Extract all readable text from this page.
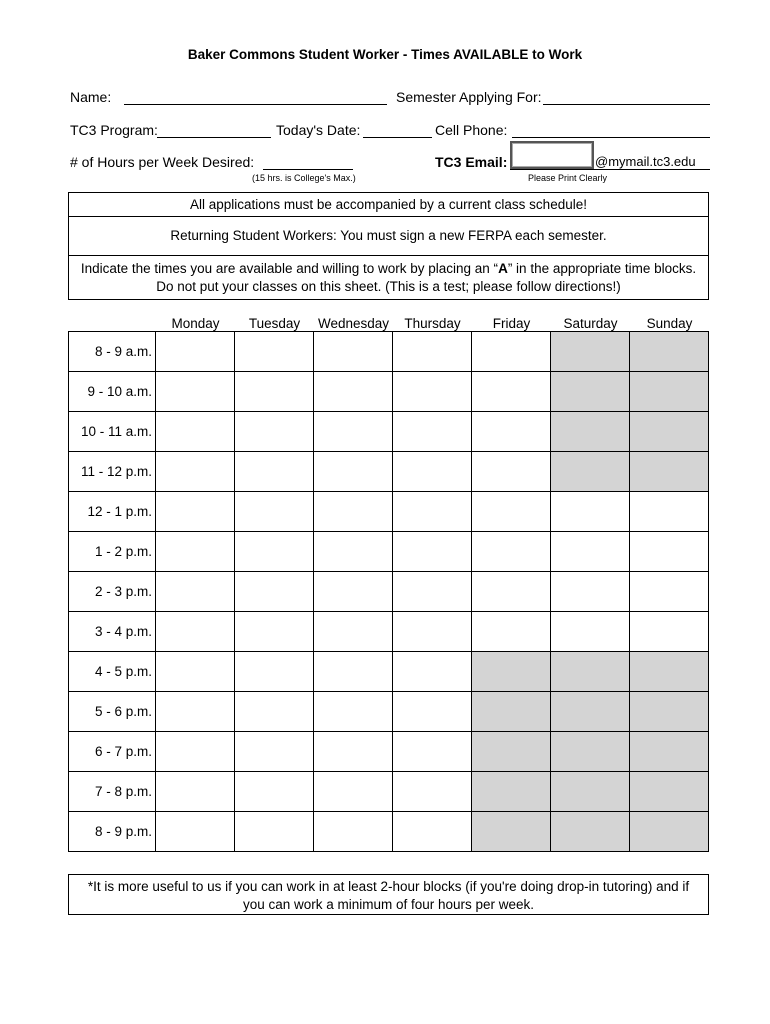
Baker Commons Student Worker - Times AVAILABLE to Work
Name:	Semester Applying For:
TC3 Program:	Today's Date:	Cell Phone:
# of Hours per Week Desired:
(15 hrs. is College's Max.)
TC3 Email:	@mymail.tc3.edu
Please Print Clearly
All applications must be accompanied by a current class schedule!
Returning Student Workers: You must sign a new FERPA each semester.
Indicate the times you are available and willing to work by placing an “A” in the appropriate time blocks.
Do not put your classes on this sheet. (This is a test; please follow directions!)
Monday	Tuesday	Wednesday	Thursday	Friday	Saturday	Sunday
8 - 9 a.m.							
9 - 10 a.m.							
10 - 11 a.m.							
11 - 12 p.m.							
12 - 1 p.m.							
1 - 2 p.m.							
2 - 3 p.m.							
3 - 4 p.m.							
4 - 5 p.m.							
5 - 6 p.m.							
6 - 7 p.m.							
7 - 8 p.m.							
8 - 9 p.m.							
*It is more useful to us if you can work in at least 2-hour blocks (if you're doing drop-in tutoring) and if
you can work a minimum of four hours per week.
